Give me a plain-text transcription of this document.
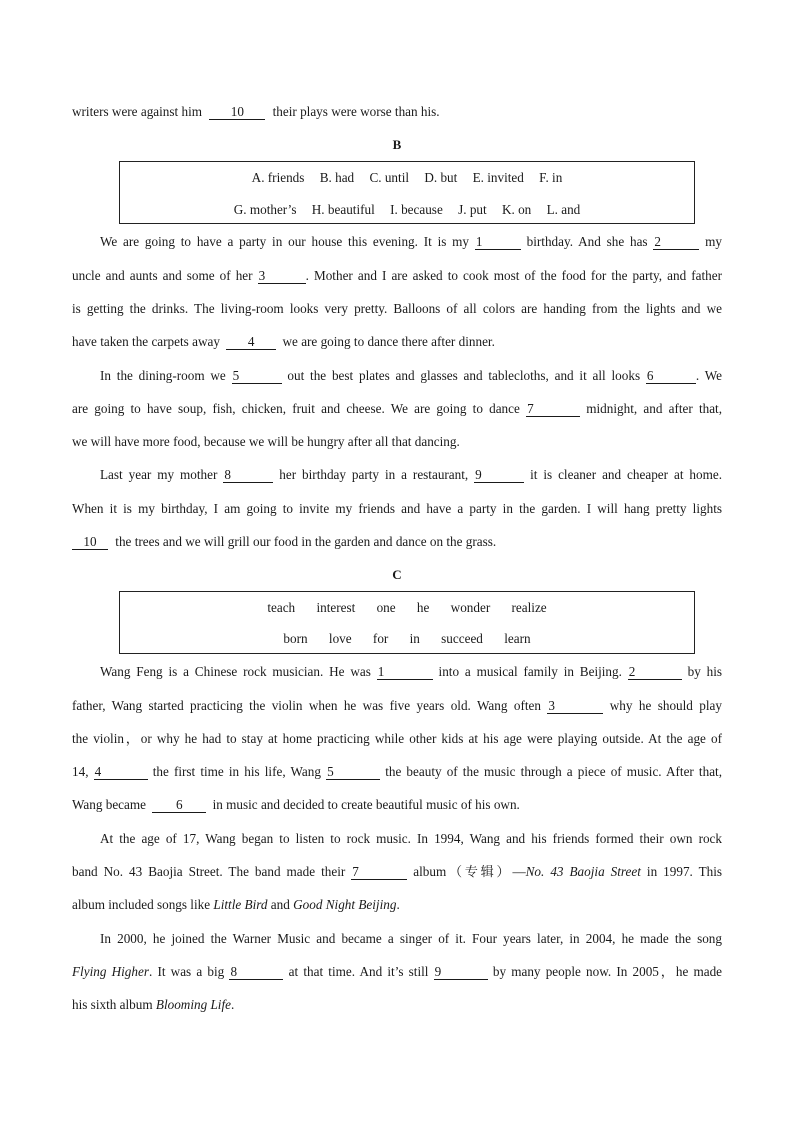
writers were against him 10 their plays were worse than his.
B
A. friends B. had C. until D. but E. invited F. in
G. mother’s H. beautiful I. because J. put K. on L. and
We are going to have a party in our house this evening. It is my 1	birthday. And she has 2	my
uncle and aunts and some of her 3	. Mother and I are asked to cook most of the food for the party, and father
is getting the drinks. The living-room looks very pretty. Balloons of all colors are handing from the lights and we
have taken the carpets away 4 we are going to dance there after dinner.
In the dining-room we 5	out the best plates and glasses and tablecloths, and it all looks 6	. We
are going to have soup, fish, chicken, fruit and cheese. We are going to dance 7	midnight, and after that,
we will have more food, because we will be hungry after all that dancing.
Last year my mother 8	her birthday party in a restaurant, 9	it is cleaner and cheaper at home.
When it is my birthday, I am going to invite my friends and have a party in the garden. I will hang pretty lights
10 the trees and we will grill our food in the garden and dance on the grass.
C
teach interest one he wonder realize
born love for in succeed learn
Wang Feng is a Chinese rock musician. He was 1	into a musical family in Beijing. 2	by his
father, Wang started practicing the violin when he was five years old. Wang often 3	why he should play
the violin，or why he had to stay at home practicing while other kids at his age were playing outside. At the age of
14, 4	the first time in his life, Wang 5	the beauty of the music through a piece of music. After that,
Wang became 6 in music and decided to create beautiful music of his own.
At the age of 17, Wang began to listen to rock music. In 1994, Wang and his friends formed their own rock
band No. 43 Baojia Street. The band made their 7	album（专辑）—No. 43 Baojia Street in 1997. This
album included songs like Little Bird and Good Night Beijing.
In 2000, he joined the Warner Music and became a singer of it. Four years later, in 2004, he made the song
Flying Higher. It was a big 8	at that time. And it’s still 9	by many people now. In 2005，he made
his sixth album Blooming Life.
